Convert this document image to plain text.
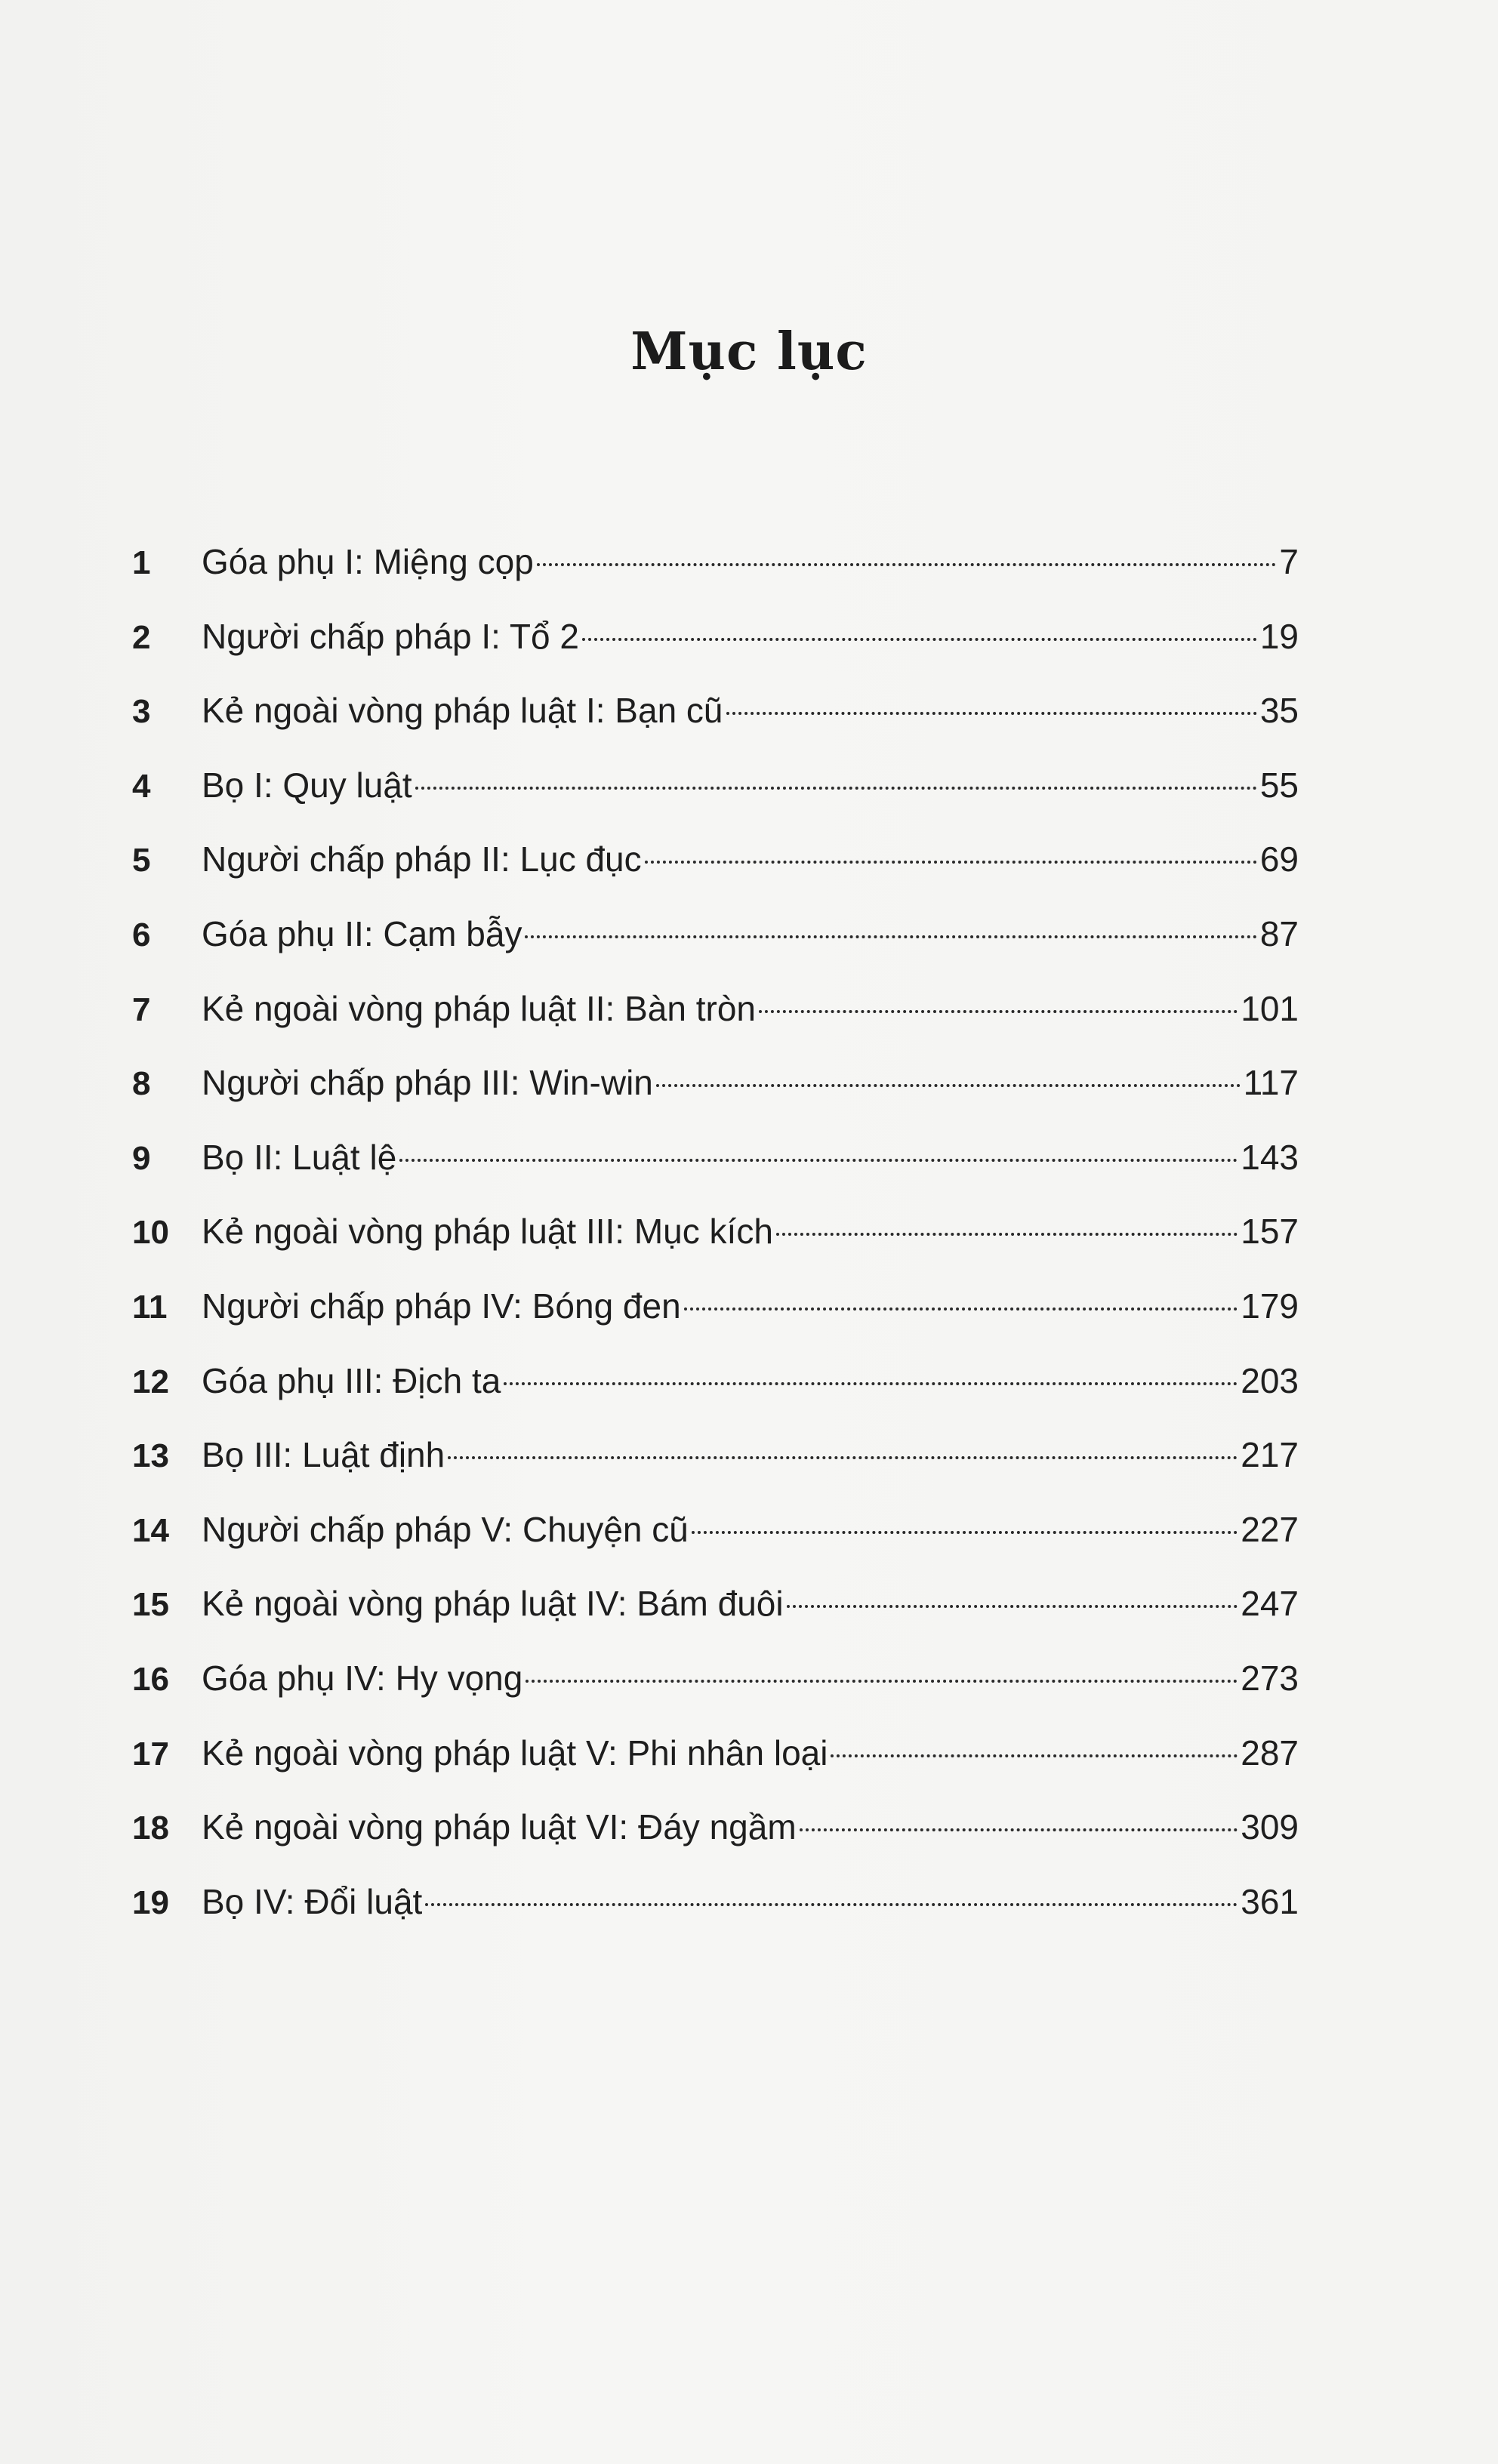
Mục lục
1	Góa phụ I: Miệng cọp	7
2	Người chấp pháp I: Tổ 2	19
3	Kẻ ngoài vòng pháp luật I: Bạn cũ	35
4	Bọ I: Quy luật	55
5	Người chấp pháp II: Lục đục	69
6	Góa phụ II: Cạm bẫy	87
7	Kẻ ngoài vòng pháp luật II: Bàn tròn	101
8	Người chấp pháp III: Win-win	117
9	Bọ II: Luật lệ	143
10 Kẻ ngoài vòng pháp luật III: Mục kích	157
11 Người chấp pháp IV: Bóng đen	179
12 Góa phụ III: Địch ta	203
13 Bọ III: Luật định	217
14 Người chấp pháp V: Chuyện cũ	227
15 Kẻ ngoài vòng pháp luật IV: Bám đuôi	247
16 Góa phụ IV: Hy vọng	273
17 Kẻ ngoài vòng pháp luật V: Phi nhân loại	287
18 Kẻ ngoài vòng pháp luật VI: Đáy ngầm	309
19 Bọ IV: Đổi luật	361
